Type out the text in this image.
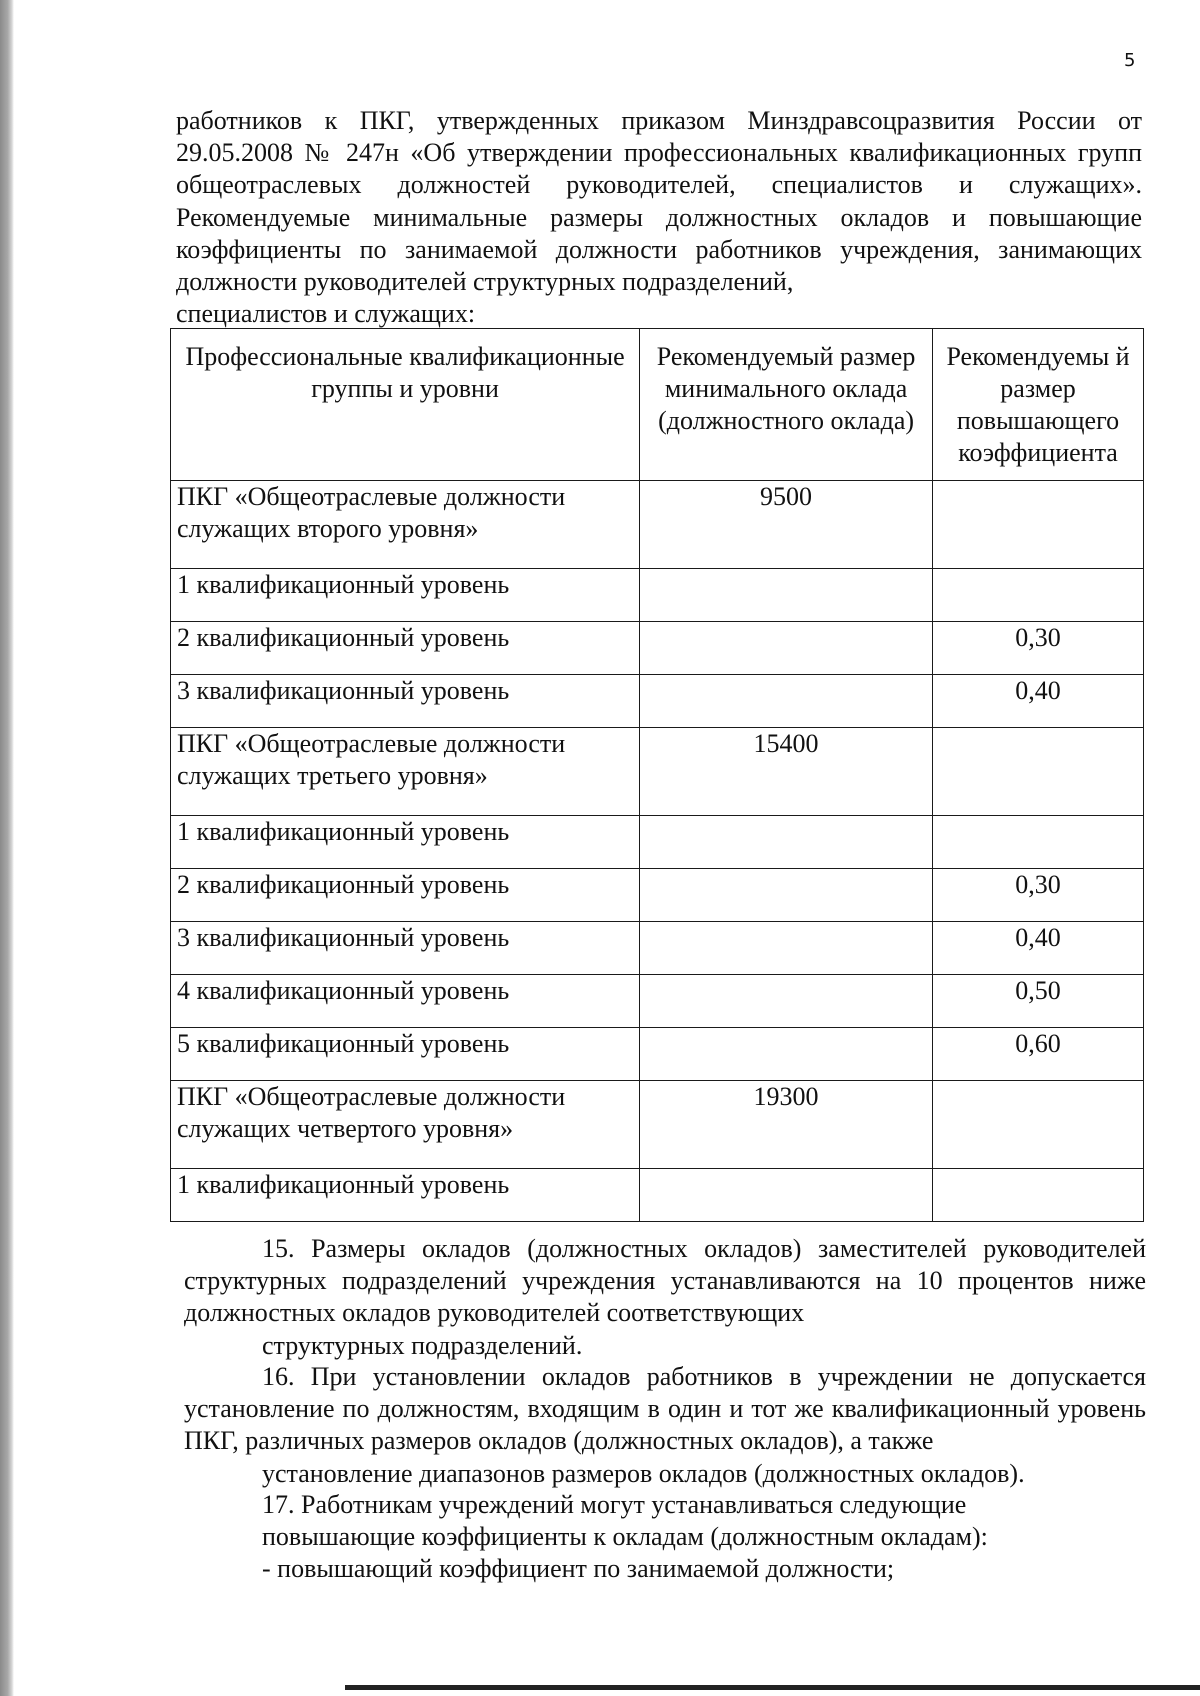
5

работников к ПКГ, утвержденных приказом Минздравсоцразвития России от 29.05.2008 № 247н «Об утверждении профессиональных квалификационных групп общеотраслевых должностей руководителей, специалистов и служащих». Рекомендуемые минимальные размеры должностных окладов и повышающие коэффициенты по занимаемой должности работников учреждения, занимающих должности руководителей структурных подразделений,
специалистов и служащих:

Профессиональные квалификационные группы и уровни	Рекомендуемый размер минимального оклада (должностного оклада)	Рекомендуемы й размер повышающего коэффициента
ПКГ «Общеотраслевые должности служащих второго уровня»	9500	
1 квалификационный уровень		
2 квалификационный уровень		0,30
3 квалификационный уровень		0,40
ПКГ «Общеотраслевые должности служащих третьего уровня»	15400	
1 квалификационный уровень		
2 квалификационный уровень		0,30
3 квалификационный уровень		0,40
4 квалификационный уровень		0,50
5 квалификационный уровень		0,60
ПКГ «Общеотраслевые должности служащих четвертого уровня»	19300	
1 квалификационный уровень		

15. Размеры окладов (должностных окладов) заместителей руководителей структурных подразделений учреждения устанавливаются на 10 процентов ниже должностных окладов руководителей соответствующих
структурных подразделений.

16. При установлении окладов работников в учреждении не допускается установление по должностям, входящим в один и тот же квалификационный уровень ПКГ, различных размеров окладов (должностных окладов), а также
установление диапазонов размеров окладов (должностных окладов).

17. Работникам учреждений могут устанавливаться следующие
повышающие коэффициенты к окладам (должностным окладам):

- повышающий коэффициент по занимаемой должности;
